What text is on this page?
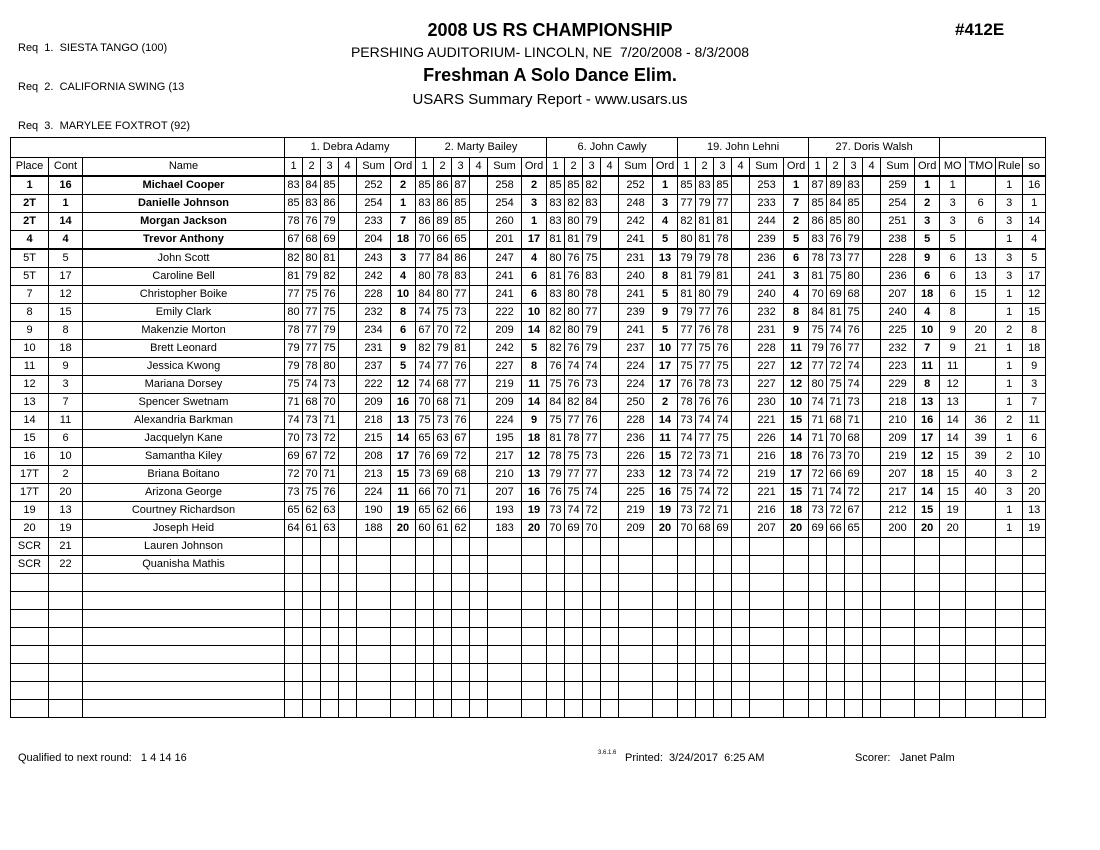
Req  1.  SIESTA TANGO (100)

Req  2.  CALIFORNIA SWING (13

Req  3.  MARYLEE FOXTROT (92)

2008 US RS CHAMPIONSHIP
PERSHING AUDITORIUM- LINCOLN, NE  7/20/2008 - 8/3/2008
Freshman A Solo Dance Elim.
USARS Summary Report - www.usars.us
#412E
			1. Debra Adamy						2. Marty Bailey						6. John Cawly						19. John Lehni						27. Doris Walsh									
Place	Cont	Name	1	2	3	4	Sum	Ord	1	2	3	4	Sum	Ord	1	2	3	4	Sum	Ord	1	2	3	4	Sum	Ord	1	2	3	4	Sum	Ord	MO	TMO	Rule	so
1	16	Michael Cooper	83	84	85		252	2	85	86	87		258	2	85	85	82		252	1	85	83	85		253	1	87	89	83		259	1	1		1	16
2T	1	Danielle Johnson	85	83	86		254	1	83	86	85		254	3	83	82	83		248	3	77	79	77		233	7	85	84	85		254	2	3	6	3	1
2T	14	Morgan Jackson	78	76	79		233	7	86	89	85		260	1	83	80	79		242	4	82	81	81		244	2	86	85	80		251	3	3	6	3	14
4	4	Trevor Anthony	67	68	69		204	18	70	66	65		201	17	81	81	79		241	5	80	81	78		239	5	83	76	79		238	5	5		1	4
5T	5	John Scott	82	80	81		243	3	77	84	86		247	4	80	76	75		231	13	79	79	78		236	6	78	73	77		228	9	6	13	3	5
5T	17	Caroline Bell	81	79	82		242	4	80	78	83		241	6	81	76	83		240	8	81	79	81		241	3	81	75	80		236	6	6	13	3	17
7	12	Christopher Boike	77	75	76		228	10	84	80	77		241	6	83	80	78		241	5	81	80	79		240	4	70	69	68		207	18	6	15	1	12
8	15	Emily Clark	80	77	75		232	8	74	75	73		222	10	82	80	77		239	9	79	77	76		232	8	84	81	75		240	4	8		1	15
9	8	Makenzie Morton	78	77	79		234	6	67	70	72		209	14	82	80	79		241	5	77	76	78		231	9	75	74	76		225	10	9	20	2	8
10	18	Brett Leonard	79	77	75		231	9	82	79	81		242	5	82	76	79		237	10	77	75	76		228	11	79	76	77		232	7	9	21	1	18
11	9	Jessica Kwong	79	78	80		237	5	74	77	76		227	8	76	74	74		224	17	75	77	75		227	12	77	72	74		223	11	11		1	9
12	3	Mariana Dorsey	75	74	73		222	12	74	68	77		219	11	75	76	73		224	17	76	78	73		227	12	80	75	74		229	8	12		1	3
13	7	Spencer Swetnam	71	68	70		209	16	70	68	71		209	14	84	82	84		250	2	78	76	76		230	10	74	71	73		218	13	13		1	7
14	11	Alexandria Barkman	74	73	71		218	13	75	73	76		224	9	75	77	76		228	14	73	74	74		221	15	71	68	71		210	16	14	36	2	11
15	6	Jacquelyn Kane	70	73	72		215	14	65	63	67		195	18	81	78	77		236	11	74	77	75		226	14	71	70	68		209	17	14	39	1	6
16	10	Samantha Kiley	69	67	72		208	17	76	69	72		217	12	78	75	73		226	15	72	73	71		216	18	76	73	70		219	12	15	39	2	10
17T	2	Briana Boitano	72	70	71		213	15	73	69	68		210	13	79	77	77		233	12	73	74	72		219	17	72	66	69		207	18	15	40	3	2
17T	20	Arizona George	73	75	76		224	11	66	70	71		207	16	76	75	74		225	16	75	74	72		221	15	71	74	72		217	14	15	40	3	20
19	13	Courtney Richardson	65	62	63		190	19	65	62	66		193	19	73	74	72		219	19	73	72	71		216	18	73	72	67		212	15	19		1	13
20	19	Joseph Heid	64	61	63		188	20	60	61	62		183	20	70	69	70		209	20	70	68	69		207	20	69	66	65		200	20	20		1	19
SCR	21	Lauren Johnson																																		
SCR	22	Quanisha Mathis																																		

Qualified to next round:   1 4 14 16	3.6.1.6 Printed:  3/24/2017  6:25 AM	Scorer:   Janet Palm
